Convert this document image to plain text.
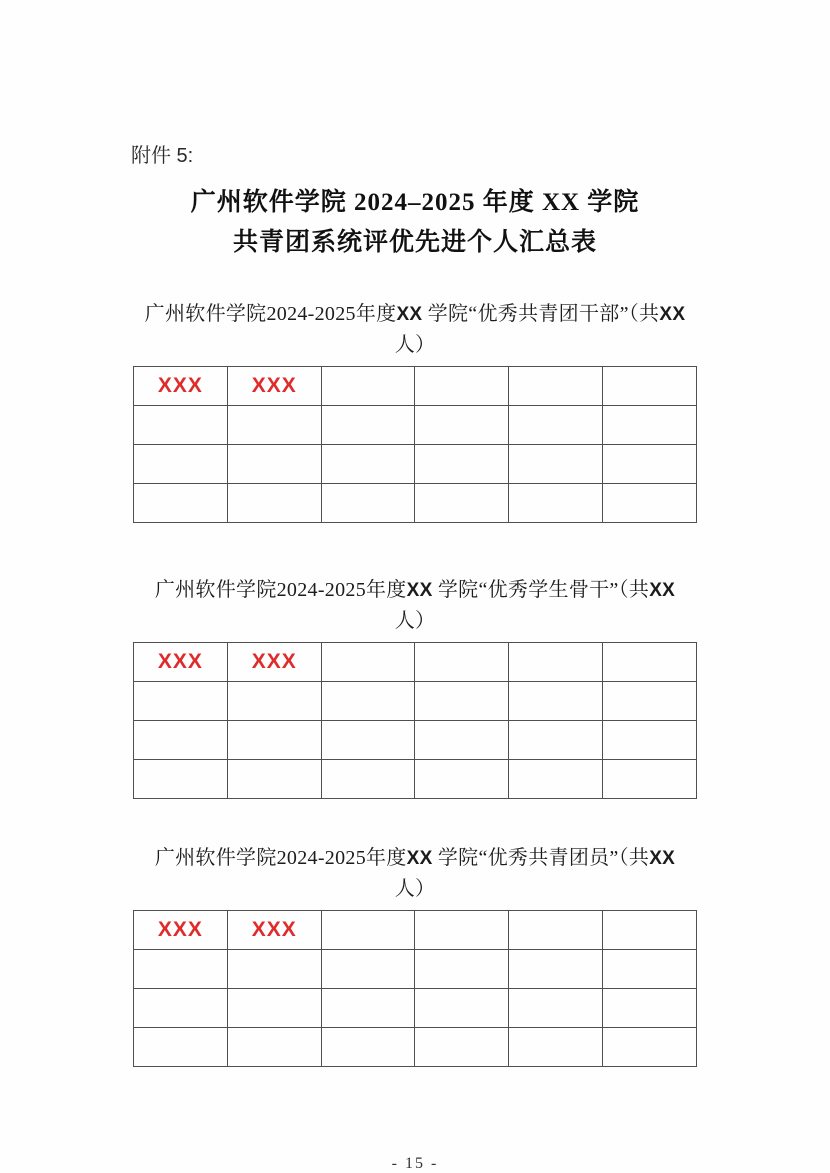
附件 5:
广州软件学院 2024–2025 年度 XX 学院
共青团系统评优先进个人汇总表
广州软件学院2024-2025年度XX 学院“优秀共青团干部”（共XX
人）
XXX	XXX				

广州软件学院2024-2025年度XX 学院“优秀学生骨干”（共XX 人）
XXX	XXX				

广州软件学院2024-2025年度XX 学院“优秀共青团员”（共XX 人）
XXX	XXX				

- 15 -
